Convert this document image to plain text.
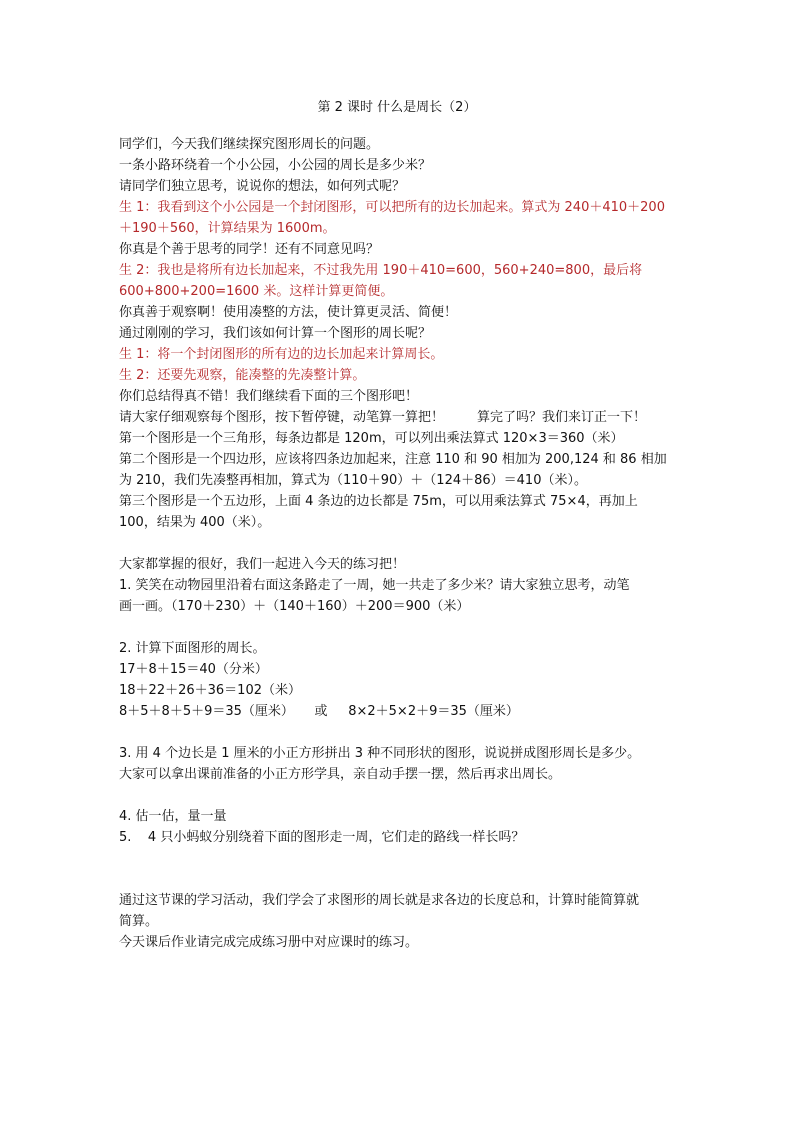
第 2 课时 什么是周长（2）

同学们，今天我们继续探究图形周长的问题。

一条小路环绕着一个小公园，小公园的周长是多少米？

请同学们独立思考，说说你的想法，如何列式呢？

生 1：我看到这个小公园是一个封闭图形，可以把所有的边长加起来。算式为 240＋410＋200

＋190＋560，计算结果为 1600m。

你真是个善于思考的同学！还有不同意见吗？

生 2：我也是将所有边长加起来，不过我先用 190＋410=600，560+240=800，最后将

600+800+200=1600 米。这样计算更简便。

你真善于观察啊！使用凑整的方法，使计算更灵活、简便！

通过刚刚的学习，我们该如何计算一个图形的周长呢？

生 1：将一个封闭图形的所有边的边长加起来计算周长。

生 2：还要先观察，能凑整的先凑整计算。

你们总结得真不错！我们继续看下面的三个图形吧！

请大家仔细观察每个图形，按下暂停键，动笔算一算把！        算完了吗？我们来订正一下！

第一个图形是一个三角形，每条边都是 120m，可以列出乘法算式 120×3＝360（米）

第二个图形是一个四边形，应该将四条边加起来，注意 110 和 90 相加为 200,124 和 86 相加

为 210，我们先凑整再相加，算式为（110＋90）＋（124＋86）＝410（米）。

第三个图形是一个五边形，上面 4 条边的边长都是 75m，可以用乘法算式 75×4，再加上

100，结果为 400（米）。

大家都掌握的很好，我们一起进入今天的练习把！

1. 笑笑在动物园里沿着右面这条路走了一周，她一共走了多少米？请大家独立思考，动笔

画一画。（170＋230）＋（140＋160）＋200＝900（米）

2. 计算下面图形的周长。

17＋8＋15＝40（分米）

18＋22＋26＋36＝102（米）

8＋5＋8＋5＋9＝35（厘米）     或     8×2＋5×2＋9＝35（厘米）

3. 用 4 个边长是 1 厘米的小正方形拼出 3 种不同形状的图形，说说拼成图形周长是多少。

大家可以拿出课前准备的小正方形学具，亲自动手摆一摆，然后再求出周长。

4. 估一估，量一量

5.    4 只小蚂蚁分别绕着下面的图形走一周，它们走的路线一样长吗？

通过这节课的学习活动，我们学会了求图形的周长就是求各边的长度总和，计算时能简算就

简算。

今天课后作业请完成完成练习册中对应课时的练习。
